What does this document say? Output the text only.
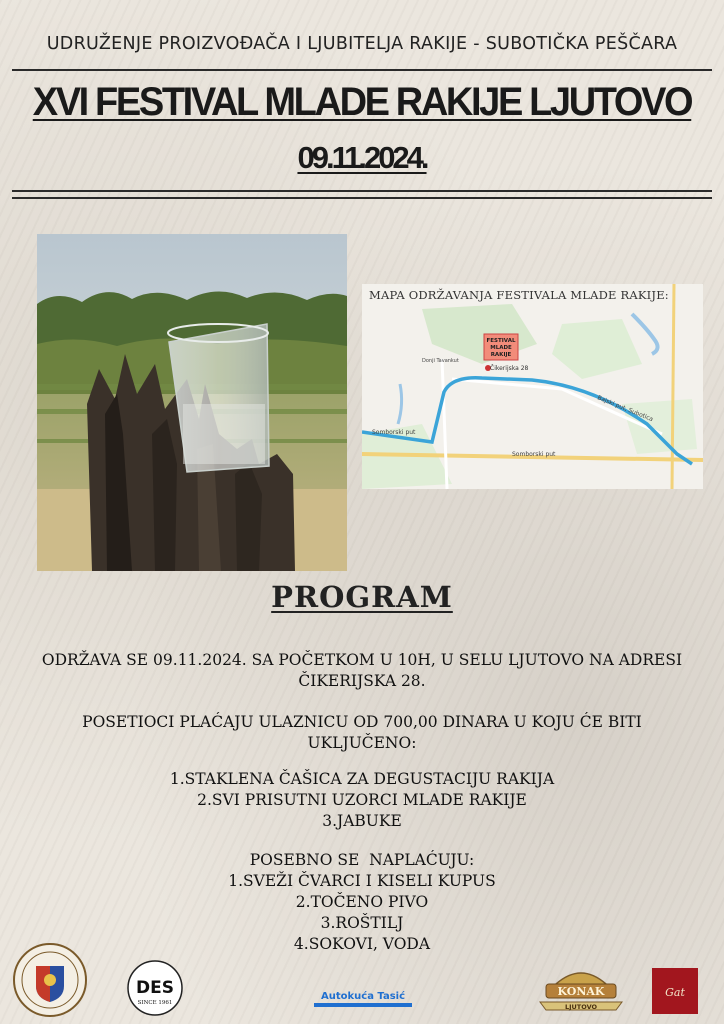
UDRUŽENJE PROIZVOĐAČA I LJUBITELJA RAKIJE - SUBOTIČKA PEŠČARA
XVI FESTIVAL MLADE RAKIJE LJUTOVO
09.11.2024.
FESTIVAL
MLADE
RAKIJE
Čikerijska 28
Donji Tavankut
Somborski put
Somborski put
Bajski put, Subotica
MAPA ODRŽAVANJA FESTIVALA MLADE RAKIJE:
PROGRAM
ODRŽAVA SE 09.11.2024. SA POČETKOM U 10H, U SELU LJUTOVO NA ADRESI
ČIKERIJSKA 28.
POSETIOCI PLAĆAJU ULAZNICU OD 700,00 DINARA U KOJU ĆE BITI
UKLJUČENO:
1.STAKLENA ČAŠICA ZA DEGUSTACIJU RAKIJA
2.SVI PRISUTNI UZORCI MLADE RAKIJE
3.JABUKE
POSEBNO SE  NAPLAĆUJU:
1.SVEŽI ČVARCI I KISELI KUPUS
2.TOČENO PIVO
3.ROŠTILJ
4.SOKOVI, VODA
DES
SINCE 1961
Autokuća Tasić	KONAK
LJUTOVO
Gat
